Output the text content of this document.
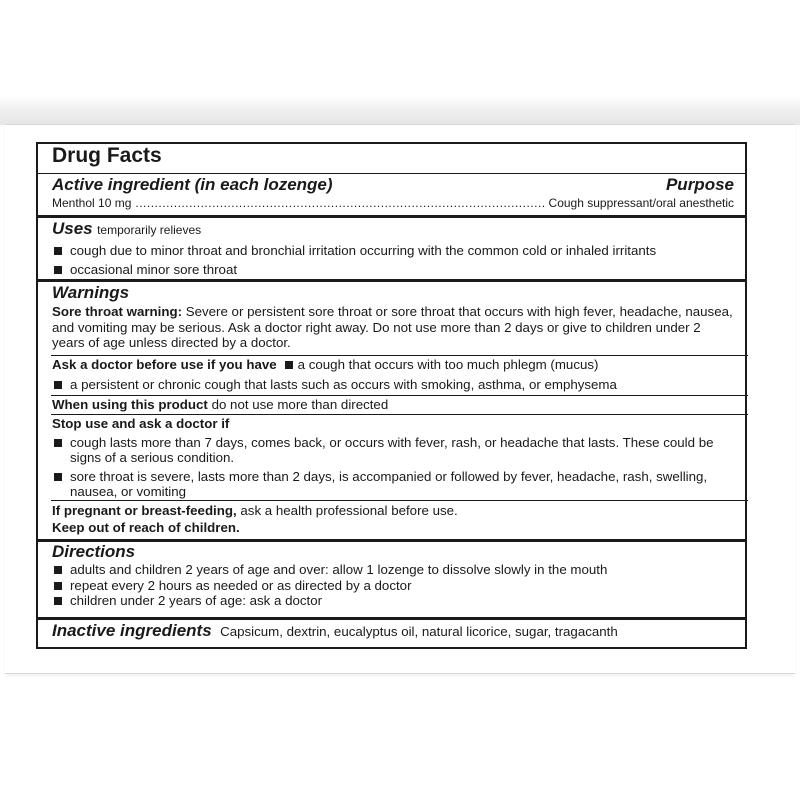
Drug Facts
Active ingredient (in each lozenge)	Purpose
Menthol 10 mg
.....	Cough suppressant/oral anesthetic
Uses temporarily relieves
cough due to minor throat and bronchial irritation occurring with the common cold or inhaled irritants
occasional minor sore throat
Warnings
Sore throat warning: Severe or persistent sore throat or sore throat that occurs with high fever, headache, nausea, and vomiting may be serious. Ask a doctor right away. Do not use more than 2 days or give to children under 2 years of age unless directed by a doctor.
Ask a doctor before use if you have a cough that occurs with too much phlegm (mucus)
a persistent or chronic cough that lasts such as occurs with smoking, asthma, or emphysema
When using this product do not use more than directed
Stop use and ask a doctor if
cough lasts more than 7 days, comes back, or occurs with fever, rash, or headache that lasts. These could be signs of a serious condition.
sore throat is severe, lasts more than 2 days, is accompanied or followed by fever, headache, rash, swelling, nausea, or vomiting
If pregnant or breast-feeding, ask a health professional before use.
Keep out of reach of children.
Directions
adults and children 2 years of age and over: allow 1 lozenge to dissolve slowly in the mouth
repeat every 2 hours as needed or as directed by a doctor
children under 2 years of age: ask a doctor
Inactive ingredients Capsicum, dextrin, eucalyptus oil, natural licorice, sugar, tragacanth
